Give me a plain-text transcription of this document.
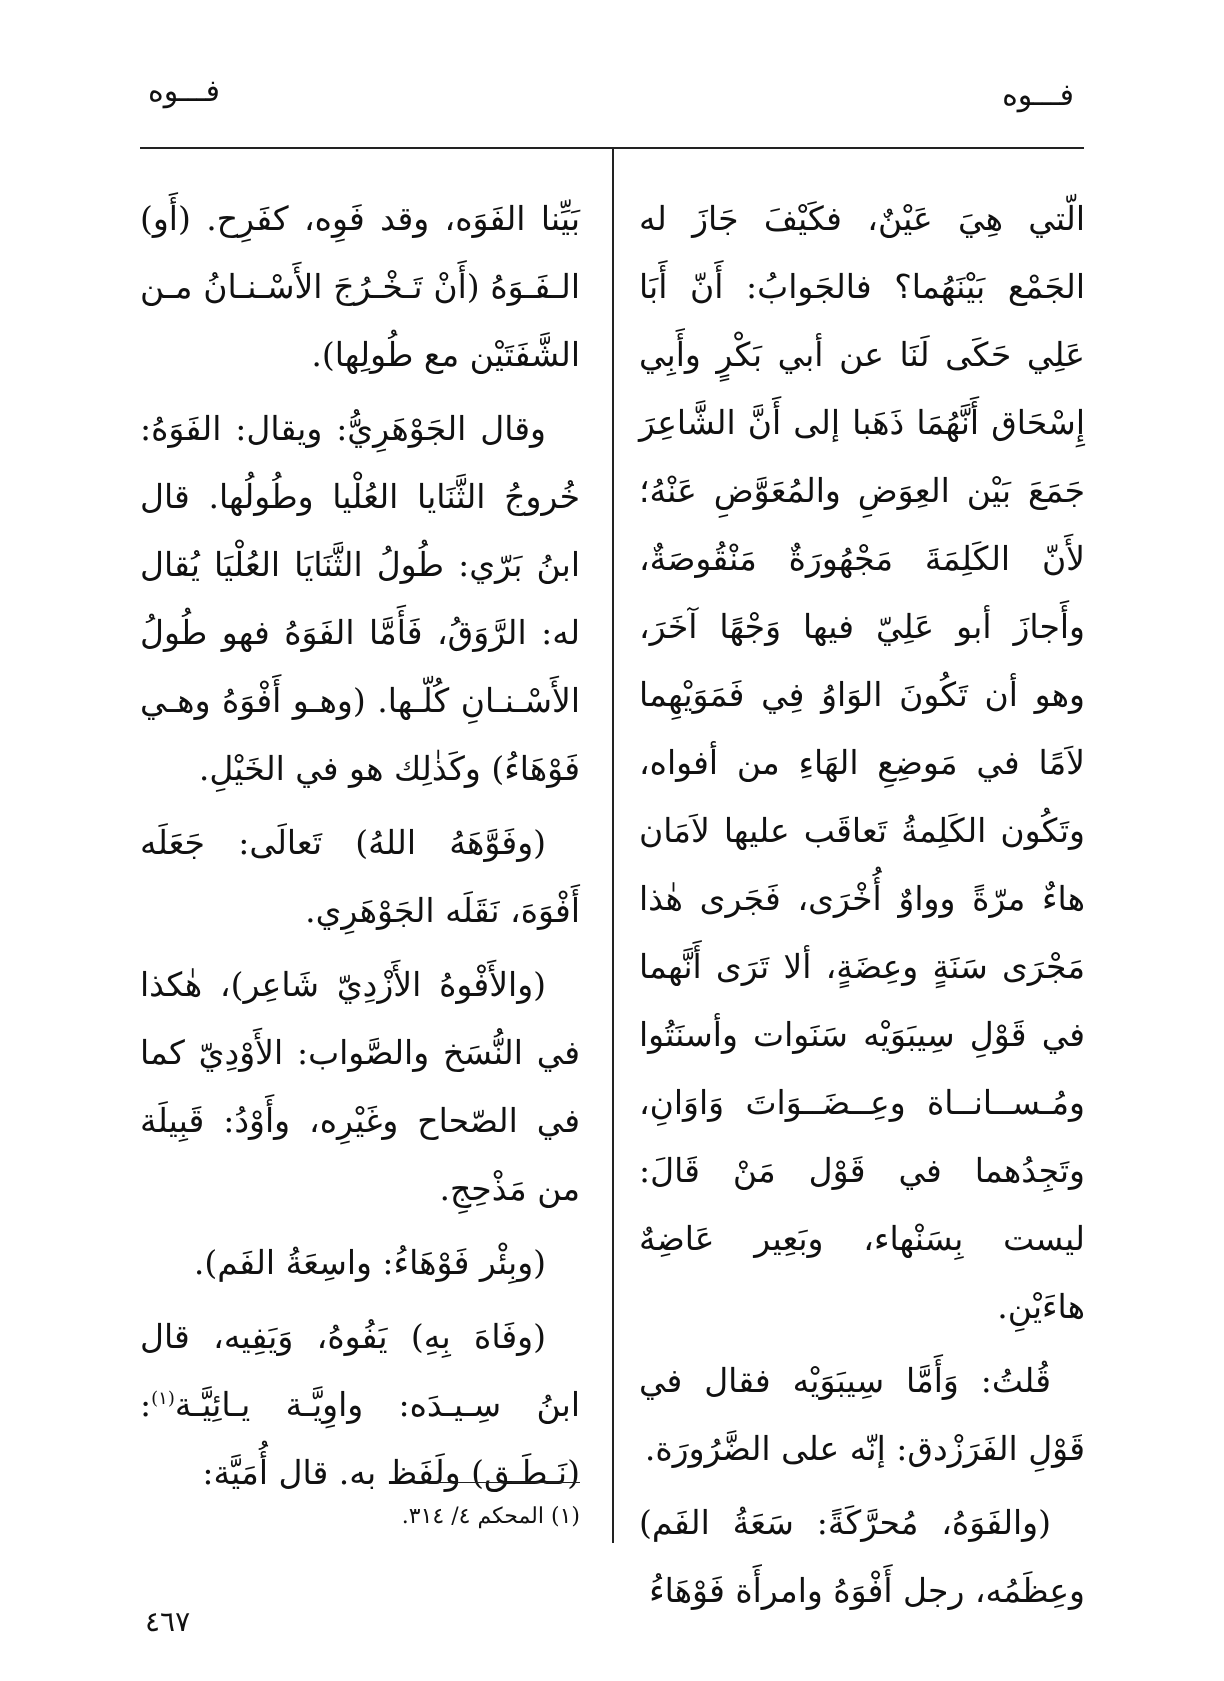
فـــوه
فـــوه

الّتي هِيَ عَيْنٌ، فكَيْفَ جَازَ له الجَمْع بَيْنَهُما؟ فالجَوابُ: أَنّ أَبَا عَلِي حَكَى لَنَا عن أبي بَكْرٍ وأَبِي إِسْحَاق أَنَّهُمَا ذَهَبا إلى أَنَّ الشَّاعِرَ جَمَعَ بَيْن العِوَضِ والمُعَوَّضِ عَنْهُ؛ لأَنّ الكَلِمَةَ مَجْهُورَةٌ مَنْقُوصَةٌ، وأَجازَ أبو عَلِيّ فيها وَجْهًا آخَرَ، وهو أن تَكُونَ الوَاوُ فِي فَمَوَيْهِما لاَمًا في مَوضِعِ الهَاءِ من أفواه، وتَكُون الكَلِمةُ تَعاقَب عليها لاَمَان هاءٌ مرّةً وواوٌ أُخْرَى، فَجَرى هٰذا مَجْرَى سَنَةٍ وعِضَةٍ، ألا تَرَى أَنَّهما في قَوْلِ سِيبَوَيْه سَنَوات وأسنَتُوا ومُـســانــاة وعِــضَــوَاتَ وَاوَانِ، وتَجِدُهما في قَوْل مَنْ قَالَ: ليست بِسَنْهاء، وبَعِير عَاضِهٌ هاءَيْنِ.

قُلتُ: وَأَمَّا سِيبَوَيْه فقال في قَوْلِ الفَرَزْدق: إنّه على الضَّرُورَة.

(والفَوَهُ، مُحرَّكَةً: سَعَةُ الفَم) وعِظَمُه، رجل أَفْوَهُ وامرأَة فَوْهَاءُ

بَيِّنا الفَوَه، وقد فَوِه، كفَرِح. (أَو) الـفَـوَهُ (أَنْ تَـخْـرُجَ الأَسْـنـانُ مـن الشَّفَتَيْن مع طُولِها).

وقال الجَوْهَرِيُّ: ويقال: الفَوَهُ: خُروجُ الثَّنَايا العُلْيا وطُولُها. قال ابنُ بَرّي: طُولُ الثَّنَايَا العُلْيَا يُقال له: الرَّوَقُ، فَأَمَّا الفَوَهُ فهو طُولُ الأَسْـنـانِ كُلّـها. (وهـو أَفْوَهُ وهـي فَوْهَاءُ) وكَذٰلِك هو في الخَيْلِ.

(وفَوَّهَهُ اللهُ) تَعالَى: جَعَلَه أَفْوَهَ، نَقَلَه الجَوْهَرِي.

(والأَفْوهُ الأَزْدِيّ شَاعِر)، هٰكذا في النُّسَخ والصَّواب: الأَوْدِيّ كما في الصّحاح وغَيْرِه، وأَوْدُ: قَبِيلَة من مَذْحِجِ.

(وبِئْر فَوْهَاءُ: واسِعَةُ الفَم).

(وفَاهَ بِهِ) يَفُوهُ، وَيَفِيه، قال ابنُ سِـيـدَه: واوِيَّـة يـائِيَّـة$^{(١)}$: (نَـطَـق) ولَفَظ به. قال أُمَيَّة:

(١) المحكم ٤/ ٣١٤.
٤٦٧
